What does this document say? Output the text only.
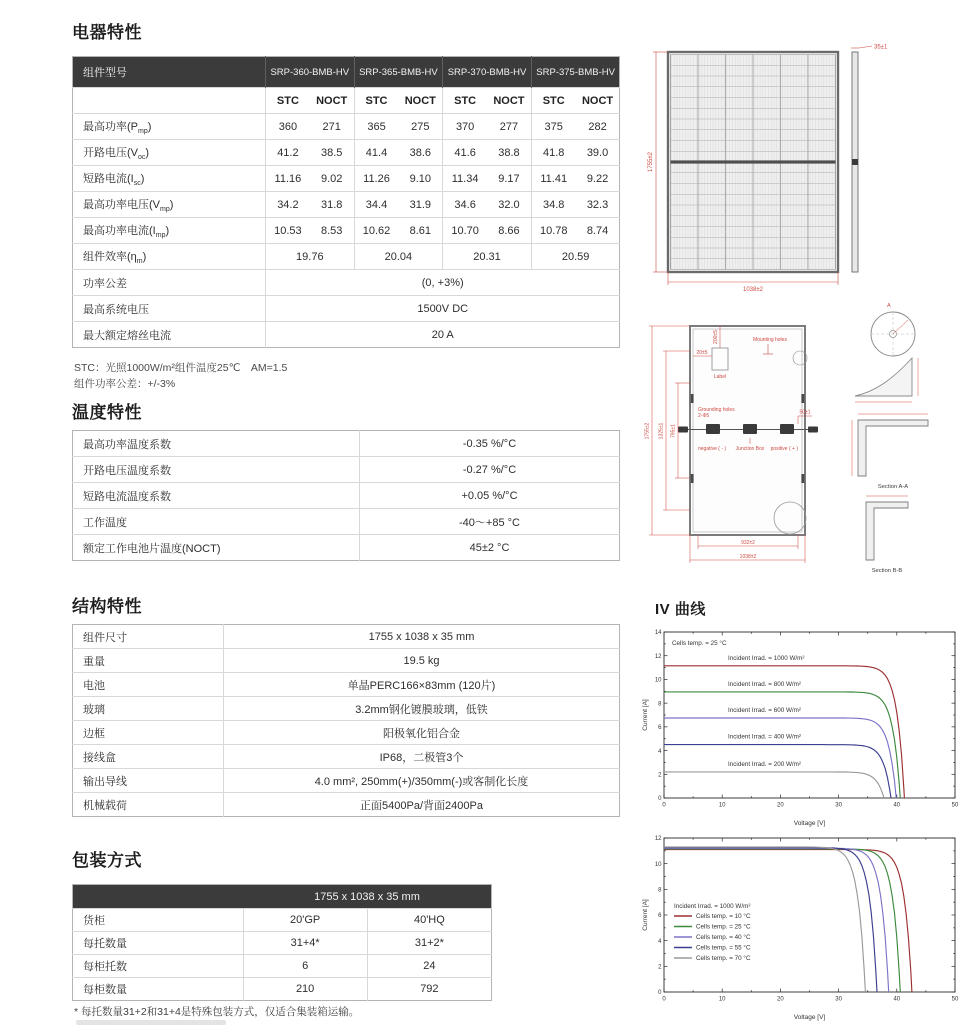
电器特性
组件型号	SRP-360-BMB-HV		SRP-365-BMB-HV		SRP-370-BMB-HV		SRP-375-BMB-HV	
	STC	NOCT	STC	NOCT	STC	NOCT	STC	NOCT
最高功率$(P_{mp})$	360	271	365	275	370	277	375	282
开路电压$(V_{oc})$	41.2	38.5	41.4	38.6	41.6	38.8	41.8	39.0
短路电流$(I_{sc})$	11.16	9.02	11.26	9.10	11.34	9.17	11.41	9.22
最高功率电压$(V_{mp})$	34.2	31.8	34.4	31.9	34.6	32.0	34.8	32.3
最高功率电流$(I_{mp})$	10.53	8.53	10.62	8.61	10.70	8.66	10.78	8.74
组件效率$(\eta_m)$	19.76		20.04		20.31		20.59	
功率公差	(0, +3%)							
最高系统电压	1500V DC							
最大额定熔丝电流	20 A							
STC：光照1000W/m²组件温度25℃　AM=1.5
组件功率公差：+/-3%
温度特性
最高功率温度系数	-0.35 %/°C
开路电压温度系数	-0.27 %/°C
短路电流温度系数	+0.05 %/°C
工作温度	-40～+85 °C
额定工作电池片温度(NOCT)	45±2 °C
结构特性
组件尺寸	1755 x 1038 x 35 mm
重量	19.5 kg
电池	单晶PERC166×83mm (120片)
玻璃	3.2mm钢化镀膜玻璃，低铁
边框	阳极氧化铝合金
接线盒	IP68，二极管3个
输出导线	4.0 mm², 250mm(+)/350mm(-)或客制化长度
机械载荷	正面5400Pa/背面2400Pa
包装方式
	1755 x 1038 x 35 mm	
货柜	20'GP	40'HQ
每托数量	31+4*	31+2*
每柜托数	6	24
每柜数量	210	792
* 每托数量31+2和31+4是特殊包装方式，仅适合集装箱运输。
1755±2
1038±2
35±1
1755±2 1325±1 795±1
932±2
1038±2
200±5
20±5
50±1
Mounting holes
Label
Grounding holes
2-Φ5
negative ( - ) Junction Box positive ( + )
A
Section A-A
Section B-B
IV 曲线
0	10	20	30	40	50
0
2
4
6
8
10
12
14
Voltage [V]
Current [A]
Cells temp. = 25 °C
Incident Irrad. = 1000 W/m²
Incident Irrad. = 800 W/m²
Incident Irrad. = 600 W/m²
Incident Irrad. = 400 W/m²
Incident Irrad. = 200 W/m²
0	10	20	30	40	50
0
2
4
6
8
10
12
Voltage [V]
Current [A]	Incident Irrad. = 1000 W/m²
Cells temp. = 10 °C
Cells temp. = 25 °C
Cells temp. = 40 °C
Cells temp. = 55 °C
Cells temp. = 70 °C
